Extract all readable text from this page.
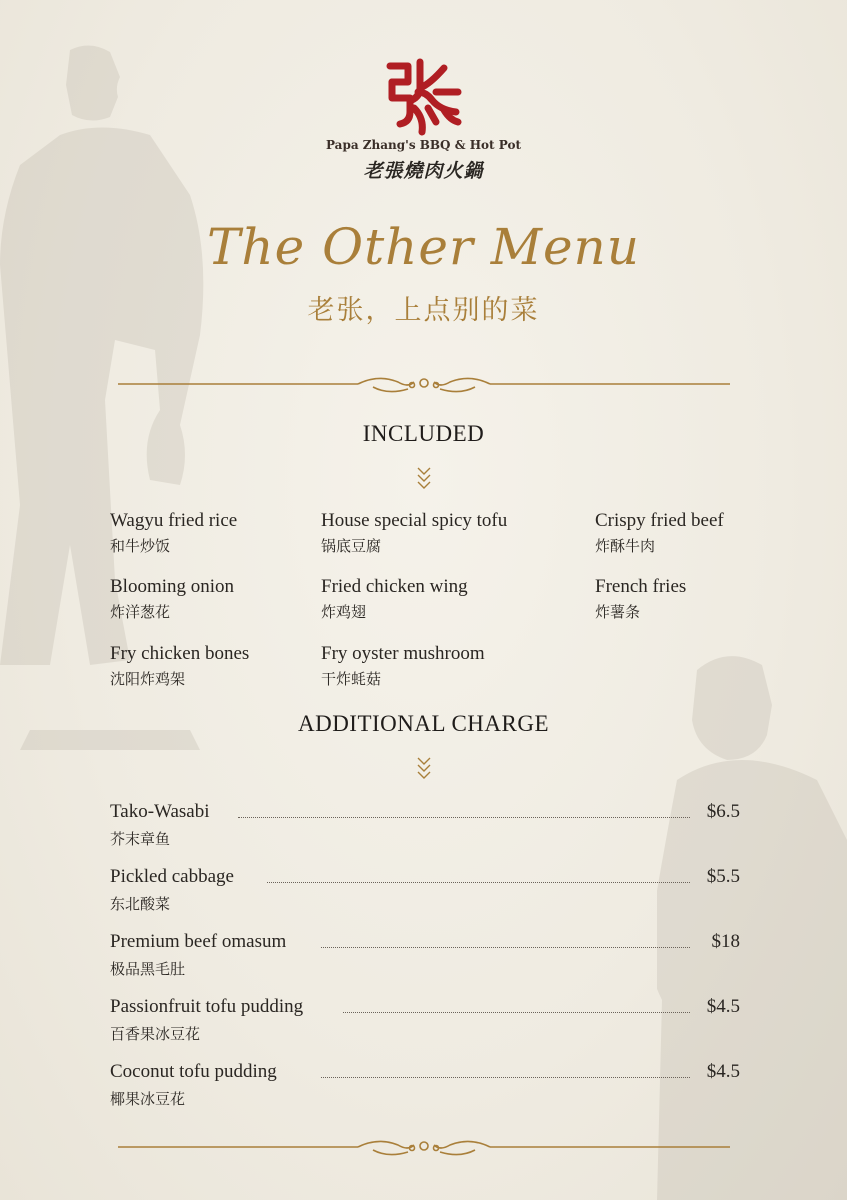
Papa Zhang's BBQ & Hot Pot
老張燒肉火鍋
The Other Menu
老张，上点别的菜
INCLUDED
Wagyu fried rice
和牛炒饭
House special spicy tofu
锅底豆腐
Crispy fried beef
炸酥牛肉
Blooming onion
炸洋葱花
Fried chicken wing
炸鸡翅
French fries
炸薯条
Fry chicken bones
沈阳炸鸡架
Fry oyster mushroom
干炸蚝菇
ADDITIONAL CHARGE
Tako-Wasabi	$6.5
芥末章鱼
Pickled cabbage	$5.5
东北酸菜
Premium beef omasum	$18
极品黑毛肚
Passionfruit tofu pudding	$4.5
百香果冰豆花
Coconut tofu pudding	$4.5
椰果冰豆花
